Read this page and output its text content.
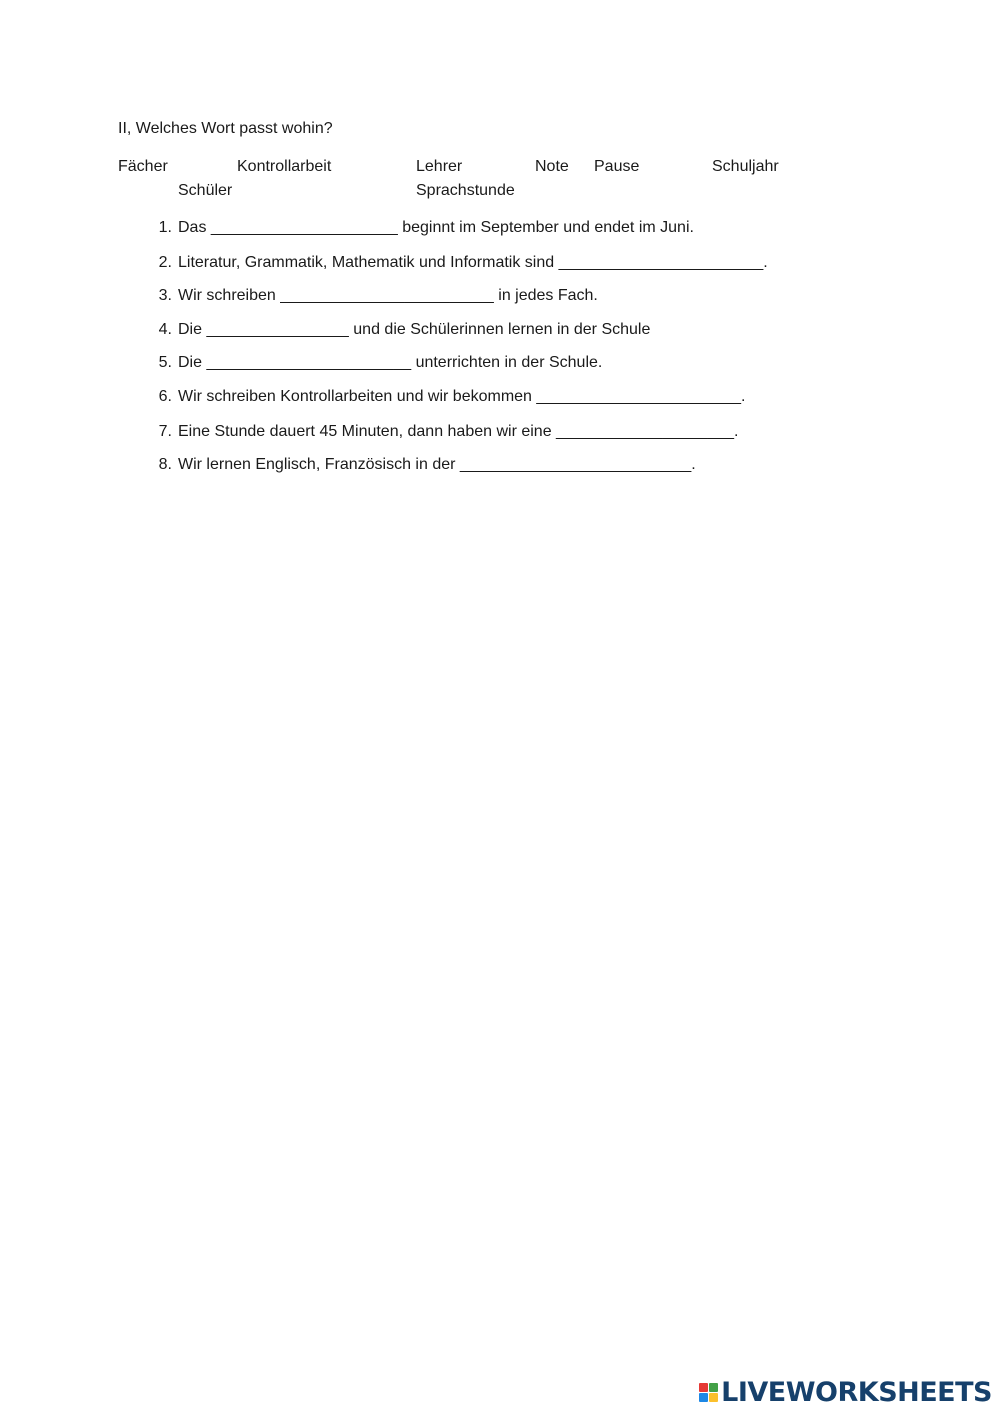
II, Welches Wort passt wohin?
Fächer	Kontrollarbeit	Lehrer	Note Pause	Schuljahr
Schüler	Sprachstunde
1. Das _____________________ beginnt im September und endet im Juni.
2. Literatur, Grammatik, Mathematik und Informatik sind _______________________.
3. Wir schreiben ________________________ in jedes Fach.
4. Die ________________ und die Schülerinnen lernen in der Schule
5. Die _______________________ unterrichten in der Schule.
6. Wir schreiben Kontrollarbeiten und wir bekommen _______________________.
7. Eine Stunde dauert 45 Minuten, dann haben wir eine ____________________.
8. Wir lernen Englisch, Französisch in der __________________________.
LIVEWORKSHEETS
